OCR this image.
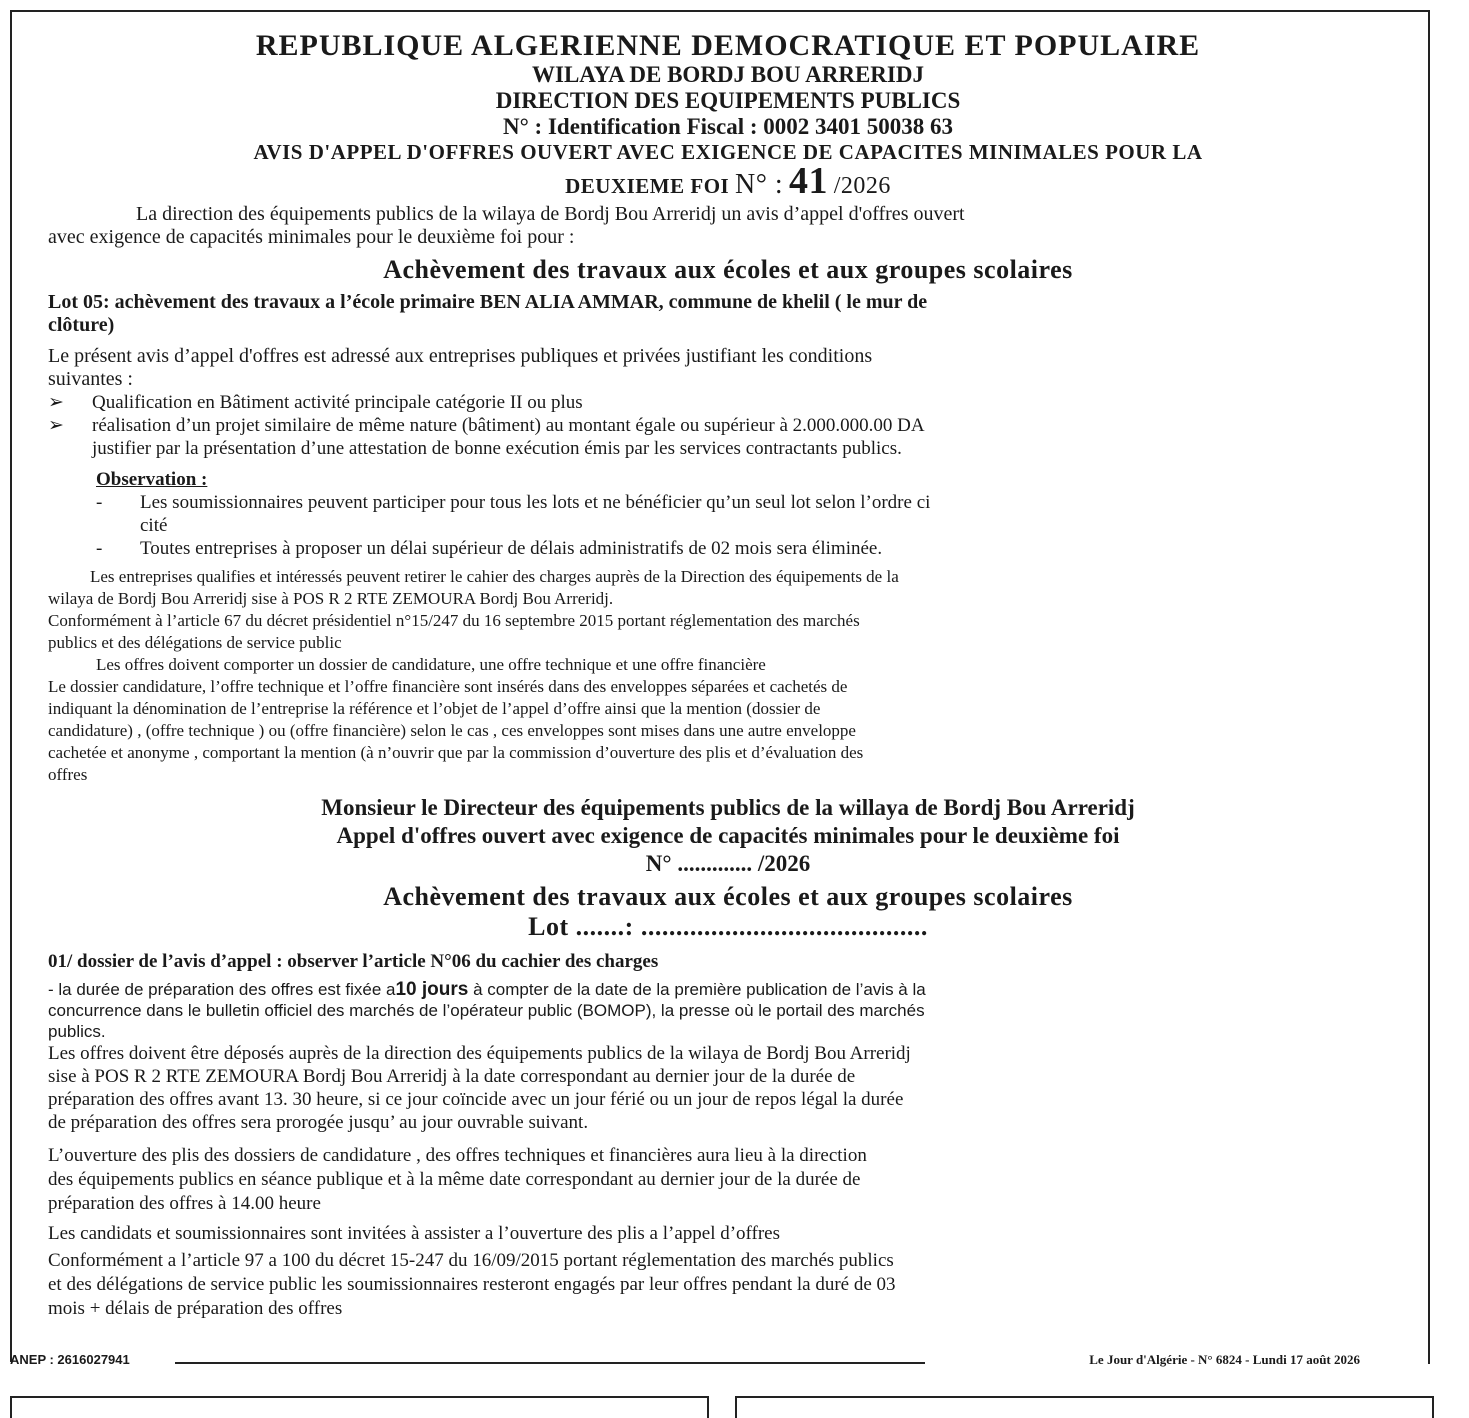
REPUBLIQUE ALGERIENNE DEMOCRATIQUE ET POPULAIRE
WILAYA DE BORDJ BOU ARRERIDJ
DIRECTION DES EQUIPEMENTS PUBLICS
N° : Identification Fiscal : 0002 3401 50038 63
AVIS D'APPEL D'OFFRES OUVERT AVEC EXIGENCE DE CAPACITES MINIMALES POUR LA
DEUXIEME FOI N° : 41 /2026

La direction des équipements publics de la wilaya de Bordj Bou Arreridj un avis d’appel d'offres ouvert

avec exigence de capacités minimales pour le deuxième foi pour :

Achèvement des travaux aux écoles et aux groupes scolaires

Lot 05: achèvement des travaux a l’école primaire BEN ALIA AMMAR, commune de khelil ( le mur de

clôture)

Le présent avis d’appel d'offres est adressé aux entreprises publiques et privées justifiant les conditions

suivantes :

➢	Qualification en Bâtiment activité principale catégorie II ou plus
➢	réalisation d’un projet similaire de même nature (bâtiment) au montant égale ou supérieur à 2.000.000.00 DA
justifier par la présentation d’une attestation de bonne exécution émis par les services contractants publics.

Observation :

-	Les soumissionnaires peuvent participer pour tous les lots et ne bénéficier qu’un seul lot selon l’ordre ci
cité
-	Toutes entreprises à proposer un délai supérieur de délais administratifs de 02 mois sera éliminée.

Les entreprises qualifies et intéressés peuvent retirer le cahier des charges auprès de la Direction des équipements de la

wilaya de Bordj Bou Arreridj sise à POS R 2 RTE ZEMOURA Bordj Bou Arreridj.

Conformément à l’article 67 du décret présidentiel n°15/247 du 16 septembre 2015 portant réglementation des marchés

publics et des délégations de service public

Les offres doivent comporter un dossier de candidature, une offre technique et une offre financière

Le dossier candidature, l’offre technique et l’offre financière sont insérés dans des enveloppes séparées et cachetés de

indiquant la dénomination de l’entreprise la référence et l’objet de l’appel d’offre ainsi que la mention (dossier de

candidature) , (offre technique ) ou (offre financière) selon le cas , ces enveloppes sont mises dans une autre enveloppe

cachetée et anonyme , comportant la mention (à n’ouvrir que par la commission d’ouverture des plis et d’évaluation des

offres

Monsieur le Directeur des équipements publics de la willaya de Bordj Bou Arreridj
Appel d'offres ouvert avec exigence de capacités minimales pour le deuxième foi
N° ............. /2026
Achèvement des travaux aux écoles et aux groupes scolaires
Lot .......: .........................................

01/ dossier de l’avis d’appel : observer l’article N°06 du cachier des charges

- la durée de préparation des offres est fixée a10 jours à compter de la date de la première publication de l’avis à la

concurrence dans le bulletin officiel des marchés de l’opérateur public (BOMOP), la presse où le portail des marchés

publics.

Les offres doivent être déposés auprès de la direction des équipements publics de la wilaya de Bordj Bou Arreridj

sise à POS R 2 RTE ZEMOURA Bordj Bou Arreridj à la date correspondant au dernier jour de la durée de

préparation des offres avant 13. 30 heure, si ce jour coïncide avec un jour férié ou un jour de repos légal la durée

de préparation des offres sera prorogée jusqu’ au jour ouvrable suivant.

L’ouverture des plis des dossiers de candidature , des offres techniques et financières aura lieu à la direction

des équipements publics en séance publique et à la même date correspondant au dernier jour de la durée de

préparation des offres à 14.00 heure

Les candidats et soumissionnaires sont invitées à assister a l’ouverture des plis a l’appel d’offres

Conformément a l’article 97 a 100 du décret 15-247 du 16/09/2015 portant réglementation des marchés publics

et des délégations de service public les soumissionnaires resteront engagés par leur offres pendant la duré de 03

mois + délais de préparation des offres

ANEP : 2616027941	Le Jour d'Algérie - N° 6824 - Lundi 17 août 2026
